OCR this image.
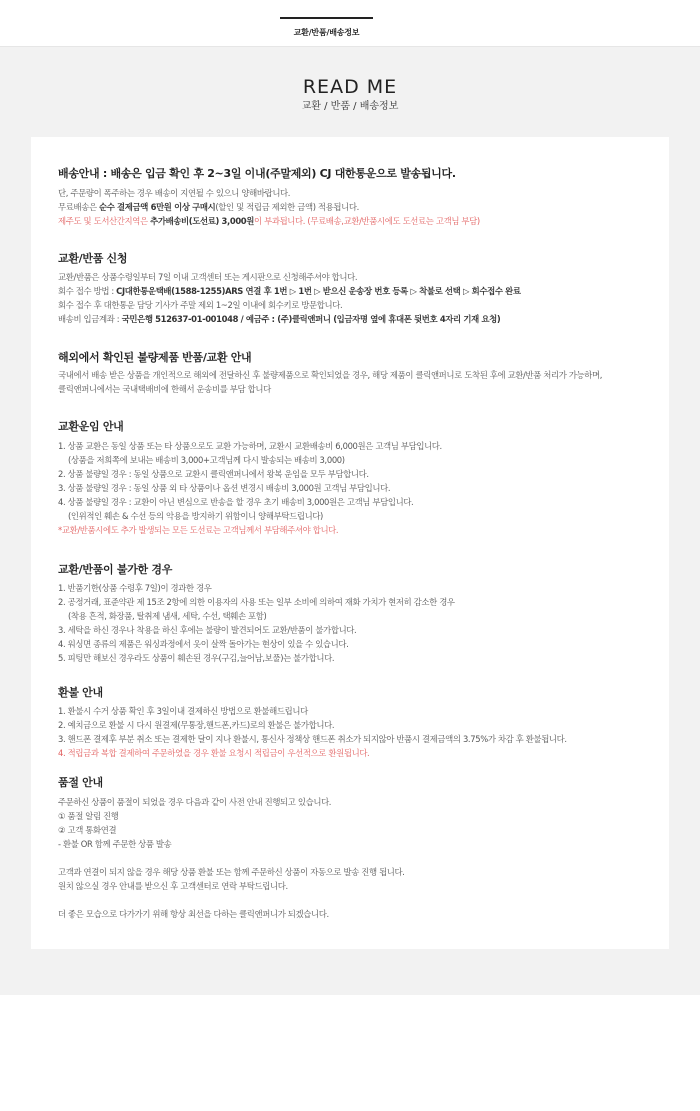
교환/반품/배송정보
READ ME
교환 / 반품 / 배송정보
배송안내 : 배송은 입금 확인 후 2~3일 이내(주말제외) CJ 대한통운으로 발송됩니다.
단, 주문량이 폭주하는 경우 배송이 지연될 수 있으니 양해바랍니다.
무료배송은 순수 결제금액 6만원 이상 구매시(할인 및 적립금 제외한 금액) 적용됩니다.
제주도 및 도서산간지역은 추가배송비(도선료) 3,000원이 부과됩니다. (무료배송,교환/반품시에도 도선료는 고객님 부담)
교환/반품 신청
교환/반품은 상품수령일부터 7일 이내 고객센터 또는 게시판으로 신청해주셔야 합니다.
회수 접수 방법 : CJ대한통운택배(1588-1255)ARS 연결 후 1번 ▷ 1번 ▷ 받으신 운송장 번호 등록 ▷ 착불로 선택 ▷ 회수접수 완료
회수 접수 후 대한통운 담당 기사가 주말 제외 1~2일 이내에 회수키로 방문합니다.
배송비 입금계좌 : 국민은행 512637-01-001048 / 예금주 : (주)클릭앤퍼니 (입금자명 옆에 휴대폰 뒷번호 4자리 기재 요청)
해외에서 확인된 불량제품 반품/교환 안내
국내에서 배송 받은 상품을 개인적으로 해외에 전달하신 후 불량제품으로 확인되었을 경우, 해당 제품이 클릭앤퍼니로 도착된 후에 교환/반품 처리가 가능하며,
클릭앤퍼니에서는 국내택배비에 한해서 운송비를 부담 합니다
교환운임 안내
1. 상품 교환은 동일 상품 또는 타 상품으로도 교환 가능하며, 교환시 교환배송비 6,000원은 고객님 부담입니다.
(상품을 저희쪽에 보내는 배송비 3,000+고객님께 다시 발송되는 배송비 3,000)
2. 상품 불량일 경우 : 동일 상품으로 교환시 클릭앤퍼니에서 왕복 운임을 모두 부담합니다.
3. 상품 불량일 경우 : 동일 상품 외 타 상품이나 옵션 변경시 배송비 3,000원 고객님 부담입니다.
4. 상품 불량일 경우 : 교환이 아닌 변심으로 반송을 할 경우 초기 배송비 3,000원은 고객님 부담입니다.
(인위적인 훼손 & 수선 등의 악용을 방지하기 위함이니 양해부탁드립니다)
*교환/반품시에도 추가 발생되는 모든 도선료는 고객님께서 부담해주셔야 합니다.
교환/반품이 불가한 경우
1. 반품기한(상품 수령후 7일)이 경과한 경우
2. 공정거래, 표준약관 제 15조 2항에 의한 이용자의 사용 또는 일부 소비에 의하여 재화 가치가 현저히 감소한 경우
(착용 흔적, 화장품, 탈취제 냄새, 세탁, 수선, 택훼손 포함)
3. 세탁을 하신 경우나 착용을 하신 후에는 불량이 발견되어도 교환/반품이 불가합니다.
4. 워싱면 종류의 제품은 워싱과정에서 옷이 살짝 돌아가는 현상이 있을 수 있습니다.
5. 피팅만 해보신 경우라도 상품이 훼손된 경우(구김,늘어남,보풀)는 불가합니다.
환불 안내
1. 환불시 수거 상품 확인 후 3일이내 결제하신 방법으로 환불해드립니다
2. 예치금으로 환불 시 다시 원결제(무통장,핸드폰,카드)로의 환불은 불가합니다.
3. 핸드폰 결제후 부분 취소 또는 결제한 달이 지나 환불시, 통신사 정책상 핸드폰 취소가 되지않아 반품시 결제금액의 3.75%가 차감 후 환불됩니다.
4. 적립금과 복합 결제하여 주문하였을 경우 환불 요청시 적립금이 우선적으로 환원됩니다.
품절 안내
주문하신 상품이 품절이 되었을 경우 다음과 같이 사전 안내 진행되고 있습니다.
① 품절 알림 진행
② 고객 통화연결
- 환불 OR 함께 주문한 상품 발송
고객과 연결이 되지 않을 경우 해당 상품 환불 또는 함께 주문하신 상품이 자동으로 발송 진행 됩니다.
원치 않으실 경우 안내를 받으신 후 고객센터로 연락 부탁드립니다.
더 좋은 모습으로 다가가기 위해 항상 최선을 다하는 클릭앤퍼니가 되겠습니다.
